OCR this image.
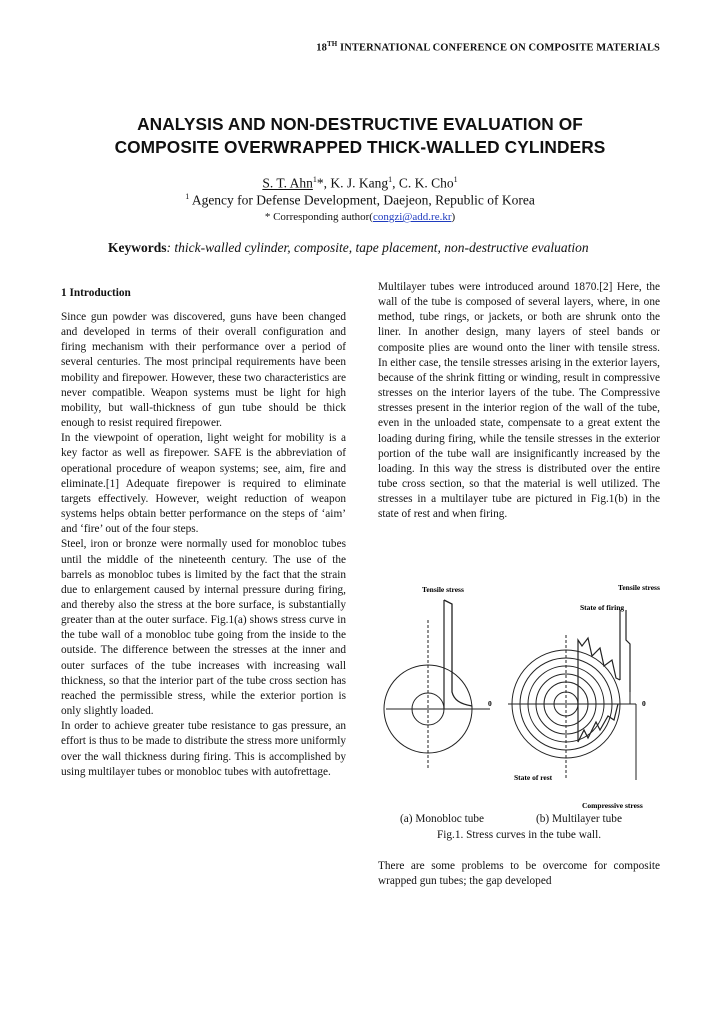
18TH INTERNATIONAL CONFERENCE ON COMPOSITE MATERIALS
ANALYSIS AND NON-DESTRUCTIVE EVALUATION OF
COMPOSITE OVERWRAPPED THICK-WALLED CYLINDERS
S. T. Ahn$^1$*, K. J. Kang$^1$, C. K. Cho$^1$
$^1$ Agency for Defense Development, Daejeon, Republic of Korea
* Corresponding author(congzi@add.re.kr)
Keywords: thick-walled cylinder, composite, tape placement, non-destructive evaluation
1 Introduction

Since gun powder was discovered, guns have been changed and developed in terms of their overall configuration and firing mechanism with their performance over a period of several centuries. The most principal requirements have been mobility and firepower. However, these two characteristics are never compatible. Weapon systems must be light for high mobility, but wall-thickness of gun tube should be thick enough to resist required firepower.

In the viewpoint of operation, light weight for mobility is a key factor as well as firepower. SAFE is the abbreviation of operational procedure of weapon systems; see, aim, fire and eliminate.[1] Adequate firepower is required to eliminate targets effectively. However, weight reduction of weapon systems helps obtain better performance on the steps of ‘aim’ and ‘fire’ out of the four steps.

Steel, iron or bronze were normally used for monobloc tubes until the middle of the nineteenth century. The use of the barrels as monobloc tubes is limited by the fact that the strain due to enlargement caused by internal pressure during firing, and thereby also the stress at the bore surface, is substantially greater than at the outer surface. Fig.1(a) shows stress curve in the tube wall of a monobloc tube going from the inside to the outside. The difference between the stresses at the inner and outer surfaces of the tube increases with increasing wall thickness, so that the interior part of the tube cross section has reached the permissible stress, while the exterior portion is only slightly loaded.

In order to achieve greater tube resistance to gas pressure, an effort is thus to be made to distribute the stress more uniformly over the wall thickness during firing. This is accomplished by using multilayer tubes or monobloc tubes with autofrettage.

Multilayer tubes were introduced around 1870.[2] Here, the wall of the tube is composed of several layers, where, in one method, tube rings, or jackets, or both are shrunk onto the liner. In another design, many layers of steel bands or composite plies are wound onto the liner with tensile stress. In either case, the tensile stresses arising in the exterior layers, because of the shrink fitting or winding, result in compressive stresses on the interior layers of the tube. The Compressive stresses present in the interior region of the wall of the tube, even in the unloaded state, compensate to a great extent the loading during firing, while the tensile stresses in the exterior portion of the tube wall are insignificantly increased by the loading. In this way the stress is distributed over the entire tube cross section, so that the material is well utilized. The stresses in a multilayer tube are pictured in Fig.1(b) in the state of rest and when firing.

Tensile stress
0
Tensile stress
State of firing
0
State of rest
Compressive stress
(a) Monobloc tube	(b) Multilayer tube
Fig.1. Stress curves in the tube wall.

There are some problems to be overcome for composite wrapped gun tubes; the gap developed
